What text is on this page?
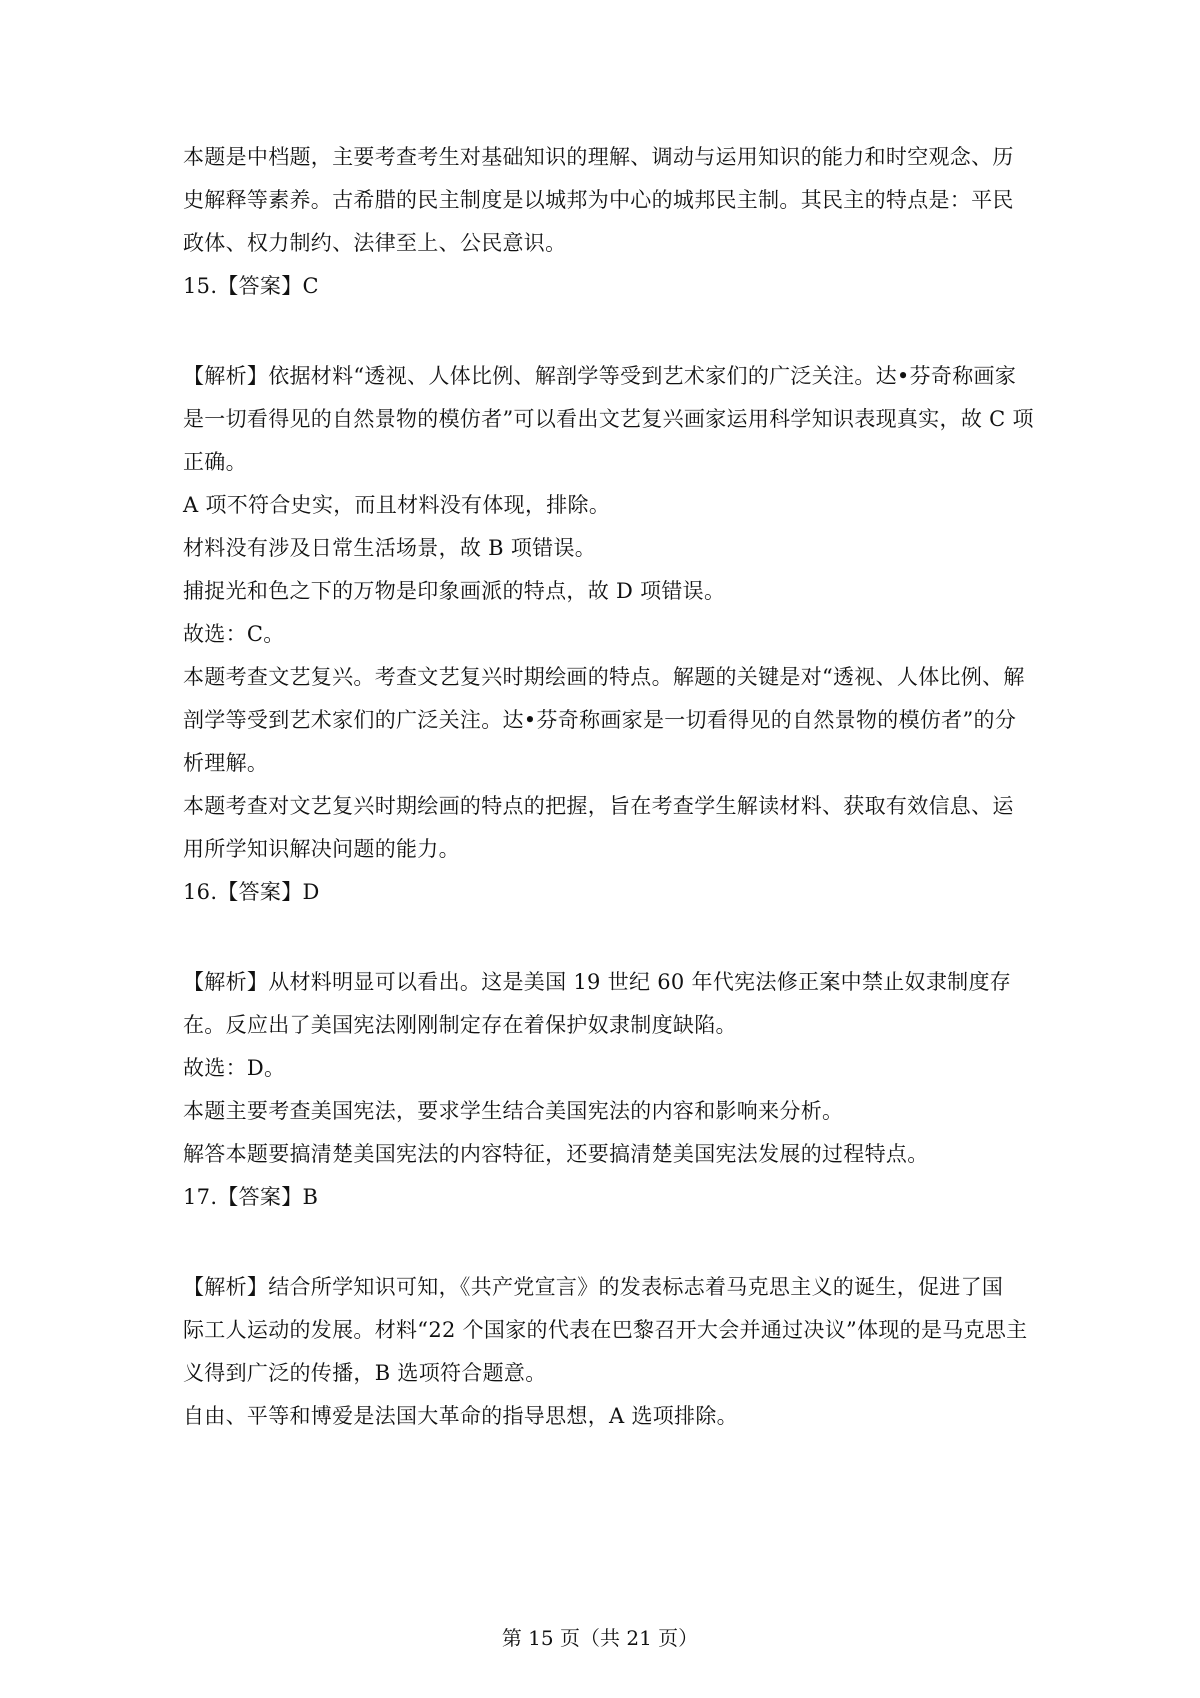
本题是中档题，主要考查考生对基础知识的理解、调动与运用知识的能力和时空观念、历
史解释等素养。古希腊的民主制度是以城邦为中心的城邦民主制。其民主的特点是：平民
政体、权力制约、法律至上、公民意识。
15.【答案】C
【解析】依据材料“透视、人体比例、解剖学等受到艺术家们的广泛关注。达•芬奇称画家
是一切看得见的自然景物的模仿者”可以看出文艺复兴画家运用科学知识表现真实，故 C 项
正确。
A 项不符合史实，而且材料没有体现，排除。
材料没有涉及日常生活场景，故 B 项错误。
捕捉光和色之下的万物是印象画派的特点，故 D 项错误。
故选：C。
本题考查文艺复兴。考查文艺复兴时期绘画的特点。解题的关键是对“透视、人体比例、解
剖学等受到艺术家们的广泛关注。达•芬奇称画家是一切看得见的自然景物的模仿者”的分
析理解。
本题考查对文艺复兴时期绘画的特点的把握，旨在考查学生解读材料、获取有效信息、运
用所学知识解决问题的能力。
16.【答案】D
【解析】从材料明显可以看出。这是美国 19 世纪 60 年代宪法修正案中禁止奴隶制度存
在。反应出了美国宪法刚刚制定存在着保护奴隶制度缺陷。
故选：D。
本题主要考查美国宪法，要求学生结合美国宪法的内容和影响来分析。
解答本题要搞清楚美国宪法的内容特征，还要搞清楚美国宪法发展的过程特点。
17.【答案】B
【解析】结合所学知识可知，《共产党宣言》的发表标志着马克思主义的诞生，促进了国
际工人运动的发展。材料“22 个国家的代表在巴黎召开大会并通过决议”体现的是马克思主
义得到广泛的传播，B 选项符合题意。
自由、平等和博爱是法国大革命的指导思想，A 选项排除。
第 15 页（共 21 页）
